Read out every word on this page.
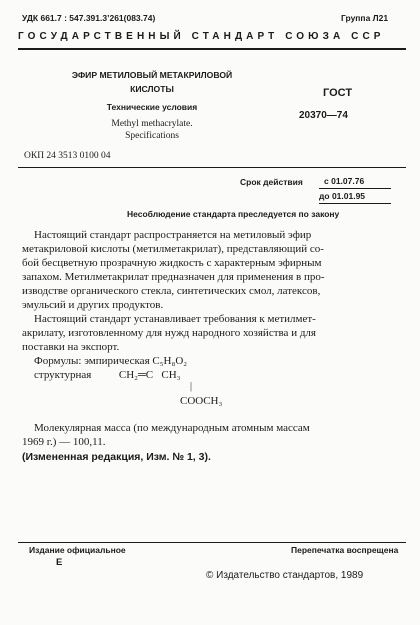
УДК 661.7 : 547.391.3’261(083.74)	Группа Л21
ГОСУДАРСТВЕННЫЙ СТАНДАРТ СОЮЗА ССР
ЭФИР МЕТИЛОВЫЙ МЕТАКРИЛОВОЙ
КИСЛОТЫ
Технические условия
Methyl methacrylate.
Specifications
ГОСТ
20370—74
ОКП 24 3513 0100 04
Срок действия с 01.07.76
до 01.01.95
Несоблюдение стандарта преследуется по закону
Настоящий стандарт распространяется на метиловый эфир
метакриловой кислоты (метилметакрилат), представляющий со-
бой бесцветную прозрачную жидкость с характерным эфирным
запахом. Метилметакрилат предназначен для применения в про-
изводстве органического стекла, синтетических смол, латексов,
эмульсий и других продуктов.
Настоящий стандарт устанавливает требования к метилмет-
акрилату, изготовленному для нужд народного хозяйства и для
поставки на экспорт.
Формулы: эмпирическая C₅H₈O₂
структурная          CH₂═C   CH₃
|
COOCH₃
Молекулярная масса (по международным атомным массам
1969 г.) — 100,11.
(Измененная редакция, Изм. № 1, 3).
Издание официальное
E
Перепечатка воспрещена
© Издательство стандартов, 1989
